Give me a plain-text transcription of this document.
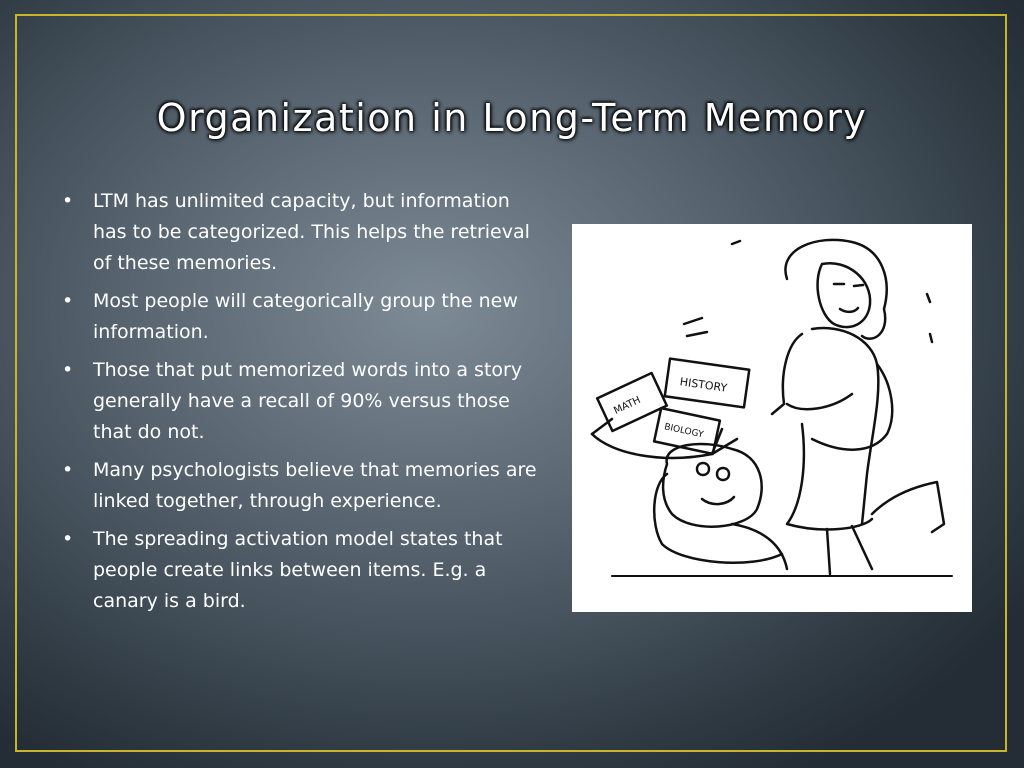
Organization in Long-Term Memory
• LTM has unlimited capacity, but information has to be categorized. This helps the retrieval of these memories.
• Most people will categorically group the new information.
• Those that put memorized words into a story generally have a recall of 90% versus those that do not.
• Many psychologists believe that memories are linked together, through experience.
• The spreading activation model states that people create links between items. E.g. a canary is a bird.
HISTORY
MATH
BIOLOGY
